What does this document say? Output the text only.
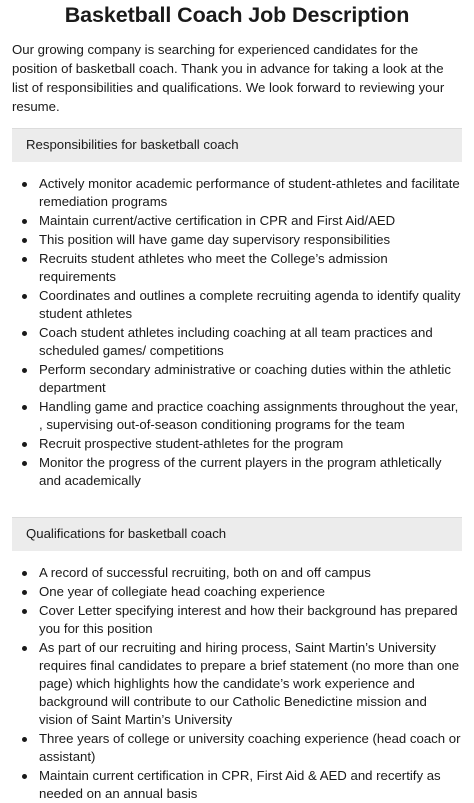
Basketball Coach Job Description

Our growing company is searching for experienced candidates for the position of basketball coach. Thank you in advance for taking a look at the list of responsibilities and qualifications. We look forward to reviewing your resume.

Responsibilities for basketball coach
Actively monitor academic performance of student-athletes and facilitate remediation programs
Maintain current/active certification in CPR and First Aid/AED
This position will have game day supervisory responsibilities
Recruits student athletes who meet the College’s admission requirements
Coordinates and outlines a complete recruiting agenda to identify quality student athletes
Coach student athletes including coaching at all team practices and scheduled games/ competitions
Perform secondary administrative or coaching duties within the athletic department
Handling game and practice coaching assignments throughout the year, , supervising out-of-season conditioning programs for the team
Recruit prospective student-athletes for the program
Monitor the progress of the current players in the program athletically and academically
Qualifications for basketball coach
A record of successful recruiting, both on and off campus
One year of collegiate head coaching experience
Cover Letter specifying interest and how their background has prepared you for this position
As part of our recruiting and hiring process, Saint Martin’s University requires final candidates to prepare a brief statement (no more than one page) which highlights how the candidate’s work experience and background will contribute to our Catholic Benedictine mission and vision of Saint Martin’s University
Three years of college or university coaching experience (head coach or assistant)
Maintain current certification in CPR, First Aid & AED and recertify as needed on an annual basis
